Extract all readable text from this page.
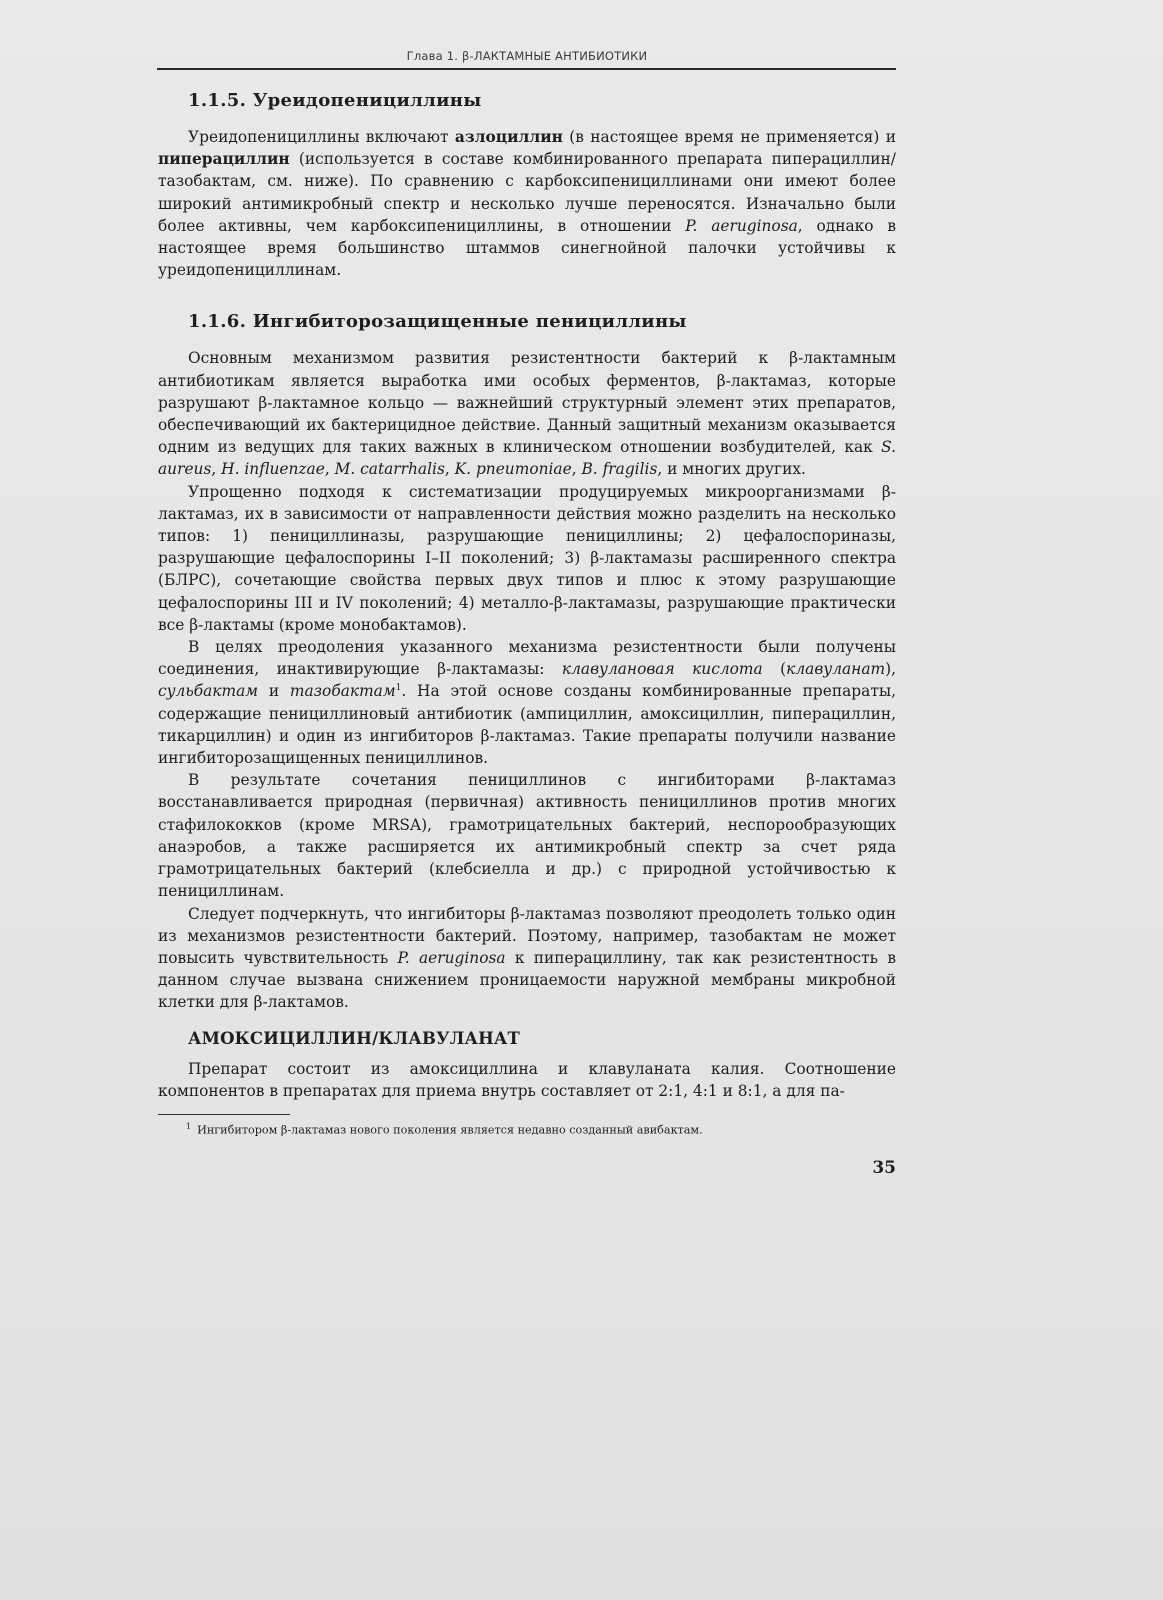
Глава 1. β-ЛАКТАМНЫЕ АНТИБИОТИКИ
1.1.5. Уреидопенициллины

Уреидопенициллины включают азлоциллин (в настоящее время не применяется) и пиперациллин (используется в составе комбинированного препарата пиперациллин/тазобактам, см. ниже). По сравнению с карбоксипенициллинами они имеют более широкий антимикробный спектр и несколько лучше переносятся. Изначально были более активны, чем карбоксипенициллины, в отношении P. aeruginosa, однако в настоящее время большинство штаммов синегнойной палочки устойчивы к уреидопенициллинам.

1.1.6. Ингибиторозащищенные пенициллины

Основным механизмом развития резистентности бактерий к β-лактамным антибиотикам является выработка ими особых ферментов, β-лактамаз, которые разрушают β-лактамное кольцо — важнейший структурный элемент этих препаратов, обеспечивающий их бактерицидное действие. Данный защитный механизм оказывается одним из ведущих для таких важных в клиническом отношении возбудителей, как S. aureus, H. influenzae, M. catarrhalis, K. pneumoniae, B. fragilis, и многих других.

Упрощенно подходя к систематизации продуцируемых микроорганизмами β-лактамаз, их в зависимости от направленности действия можно разделить на несколько типов: 1) пенициллиназы, разрушающие пенициллины; 2) цефалоспориназы, разрушающие цефалоспорины I–II поколений; 3) β-лактамазы расширенного спектра (БЛРС), сочетающие свойства первых двух типов и плюс к этому разрушающие цефалоспорины III и IV поколений; 4) металло-β-лактамазы, разрушающие практически все β-лактамы (кроме монобактамов).

В целях преодоления указанного механизма резистентности были получены соединения, инактивирующие β-лактамазы: клавулановая кислота (клавуланат), сульбактам и тазобактам$^1$. На этой основе созданы комбинированные препараты, содержащие пенициллиновый антибиотик (ампициллин, амоксициллин, пиперациллин, тикарциллин) и один из ингибиторов β-лактамаз. Такие препараты получили название ингибиторозащищенных пенициллинов.

В результате сочетания пенициллинов с ингибиторами β-лактамаз восстанавливается природная (первичная) активность пенициллинов против многих стафилококков (кроме MRSA), грамотрицательных бактерий, неспорообразующих анаэробов, а также расширяется их антимикробный спектр за счет ряда грамотрицательных бактерий (клебсиелла и др.) с природной устойчивостью к пенициллинам.

Следует подчеркнуть, что ингибиторы β-лактамаз позволяют преодолеть только один из механизмов резистентности бактерий. Поэтому, например, тазобактам не может повысить чувствительность P. aeruginosa к пиперациллину, так как резистентность в данном случае вызвана снижением проницаемости наружной мембраны микробной клетки для β-лактамов.

АМОКСИЦИЛЛИН/КЛАВУЛАНАТ

Препарат состоит из амоксициллина и клавуланата калия. Соотношение компонентов в препаратах для приема внутрь составляет от 2:1, 4:1 и 8:1, а для па-

$^1$ Ингибитором β-лактамаз нового поколения является недавно созданный авибактам.
35
